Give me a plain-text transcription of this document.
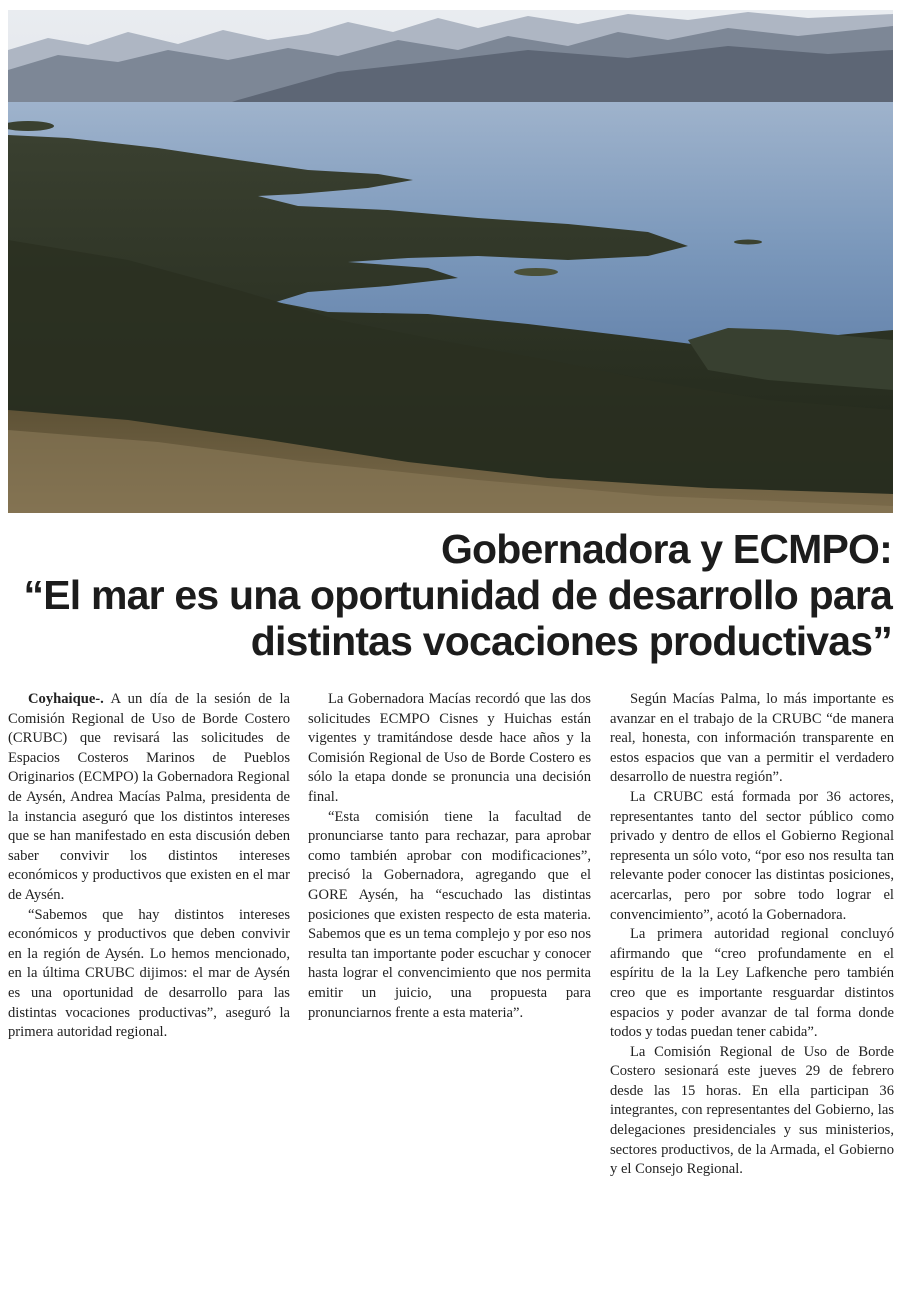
Gobernadora y ECMPO:
“El mar es una oportunidad de desarrollo para
distintas vocaciones productivas”

Coyhaique-. A un día de la sesión de la Comisión Regional de Uso de Borde Costero (CRUBC) que revisará las solicitudes de Espacios Costeros Marinos de Pueblos Originarios (ECMPO) la Gobernadora Regional de Aysén, Andrea Macías Palma, presidenta de la instancia aseguró que los distintos intereses que se han manifestado en esta discusión deben saber convivir los distintos intereses económicos y productivos que existen en el mar de Aysén.

“Sabemos que hay distintos intereses económicos y productivos que deben convivir en la región de Aysén. Lo hemos mencionado, en la última CRUBC dijimos: el mar de Aysén es una oportunidad de desarrollo para las distintas vocaciones productivas”, aseguró la primera autoridad regional.

La Gobernadora Macías recordó que las dos solicitudes ECMPO Cisnes y Huichas están vigentes y tramitándose desde hace años y la Comisión Regional de Uso de Borde Costero es sólo la etapa donde se pronuncia una decisión final.

“Esta comisión tiene la facultad de pronunciarse tanto para rechazar, para aprobar como también aprobar con modificaciones”, precisó la Gobernadora, agregando que el GORE Aysén, ha “escuchado las distintas posiciones que existen respecto de esta materia. Sabemos que es un tema complejo y por eso nos resulta tan importante poder escuchar y conocer hasta lograr el convencimiento que nos permita emitir un juicio, una propuesta para pronunciarnos frente a esta materia”.

Según Macías Palma, lo más importante es avanzar en el trabajo de la CRUBC “de manera real, honesta, con información transparente en estos espacios que van a permitir el verdadero desarrollo de nuestra región”.

La CRUBC está formada por 36 actores, representantes tanto del sector público como privado y dentro de ellos el Gobierno Regional representa un sólo voto, “por eso nos resulta tan relevante poder conocer las distintas posiciones, acercarlas, pero por sobre todo lograr el convencimiento”, acotó la Gobernadora.

La primera autoridad regional concluyó afirmando que “creo profundamente en el espíritu de la la Ley Lafkenche pero también creo que es importante resguardar distintos espacios y poder avanzar de tal forma donde todos y todas puedan tener cabida”.

La Comisión Regional de Uso de Borde Costero sesionará este jueves 29 de febrero desde las 15 horas. En ella participan 36 integrantes, con representantes del Gobierno, las delegaciones presidenciales y sus ministerios, sectores productivos, de la Armada, el Gobierno y el Consejo Regional.
